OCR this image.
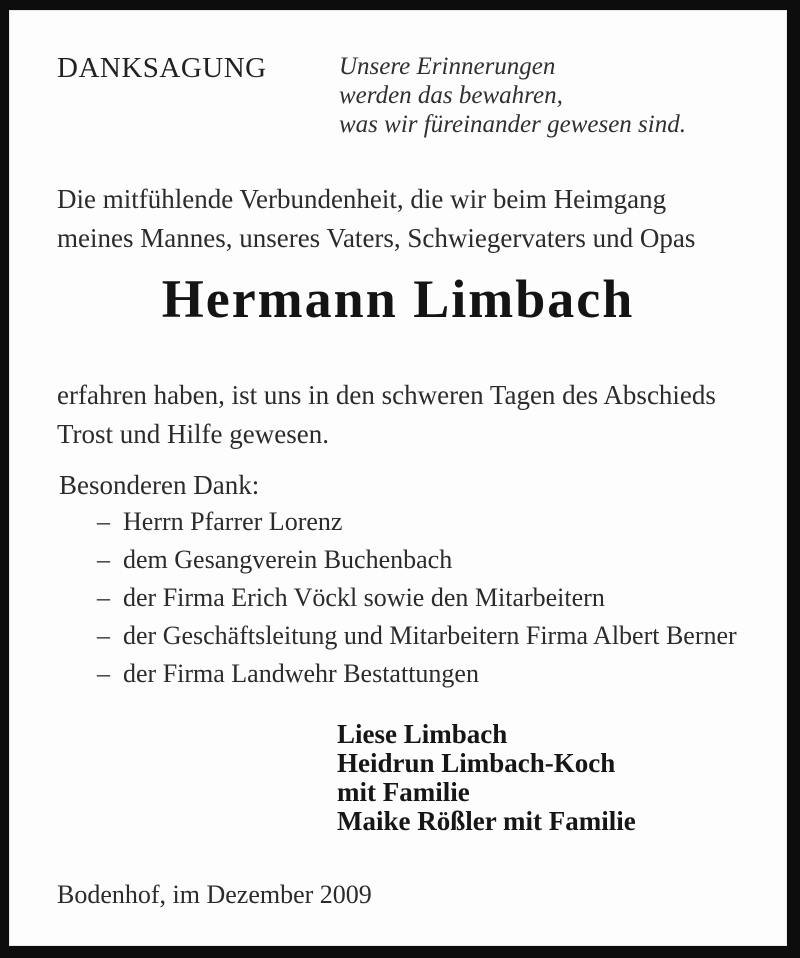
DANKSAGUNG	Unsere Erinnerungen
werden das bewahren,
was wir füreinander gewesen sind.
Die mitfühlende Verbundenheit, die wir beim Heimgang
meines Mannes, unseres Vaters, Schwiegervaters und Opas
Hermann Limbach
erfahren haben, ist uns in den schweren Tagen des Abschieds
Trost und Hilfe gewesen.
Besonderen Dank:
– Herrn Pfarrer Lorenz
– dem Gesangverein Buchenbach
– der Firma Erich Vöckl sowie den Mitarbeitern
– der Geschäftsleitung und Mitarbeitern Firma Albert Berner
– der Firma Landwehr Bestattungen
Liese Limbach
Heidrun Limbach-Koch
mit Familie
Maike Rößler mit Familie
Bodenhof, im Dezember 2009
